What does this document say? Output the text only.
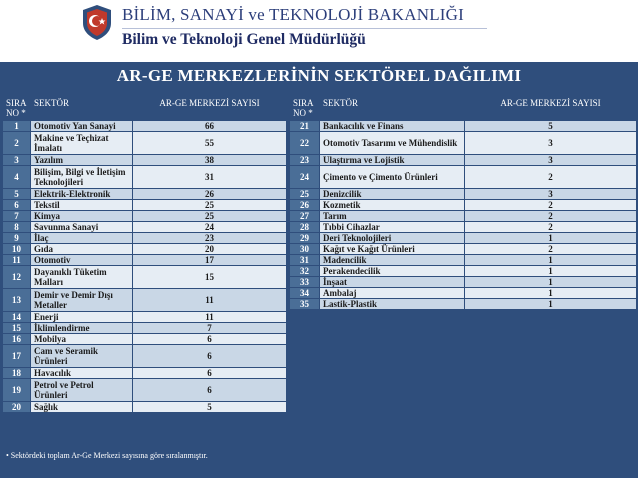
BİLİM, SANAYİ ve TEKNOLOJİ BAKANLIĞI
Bilim ve Teknoloji Genel Müdürlüğü
AR-GE MERKEZLERİNİN SEKTÖREL DAĞILIMI
SIRA NO *	SEKTÖR	AR-GE MERKEZİ SAYISI
1	Otomotiv Yan Sanayi	66
2	Makine ve Teçhizat İmalatı	55
3	Yazılım	38
4	Bilişim, Bilgi ve İletişim Teknolojileri	31
5	Elektrik-Elektronik	26
6	Tekstil	25
7	Kimya	25
8	Savunma Sanayi	24
9	İlaç	23
10	Gıda	20
11	Otomotiv	17
12	Dayanıklı Tüketim Malları	15
13	Demir ve Demir Dışı Metaller	11
14	Enerji	11
15	İklimlendirme	7
16	Mobilya	6
17	Cam ve Seramik Ürünleri	6
18	Havacılık	6
19	Petrol ve Petrol Ürünleri	6
20	Sağlık	5
SIRA NO *	SEKTÖR	AR-GE MERKEZİ SAYISI
21	Bankacılık ve Finans	5
22	Otomotiv Tasarımı ve Mühendislik	3
23	Ulaştırma ve Lojistik	3
24	Çimento ve Çimento Ürünleri	2
25	Denizcilik	3
26	Kozmetik	2
27	Tarım	2
28	Tıbbi Cihazlar	2
29	Deri Teknolojileri	1
30	Kağıt ve Kağıt Ürünleri	2
31	Madencilik	1
32	Perakendecilik	1
33	İnşaat	1
34	Ambalaj	1
35	Lastik-Plastik	1
• Sektördeki toplam Ar-Ge Merkezi sayısına göre sıralanmıştır.
